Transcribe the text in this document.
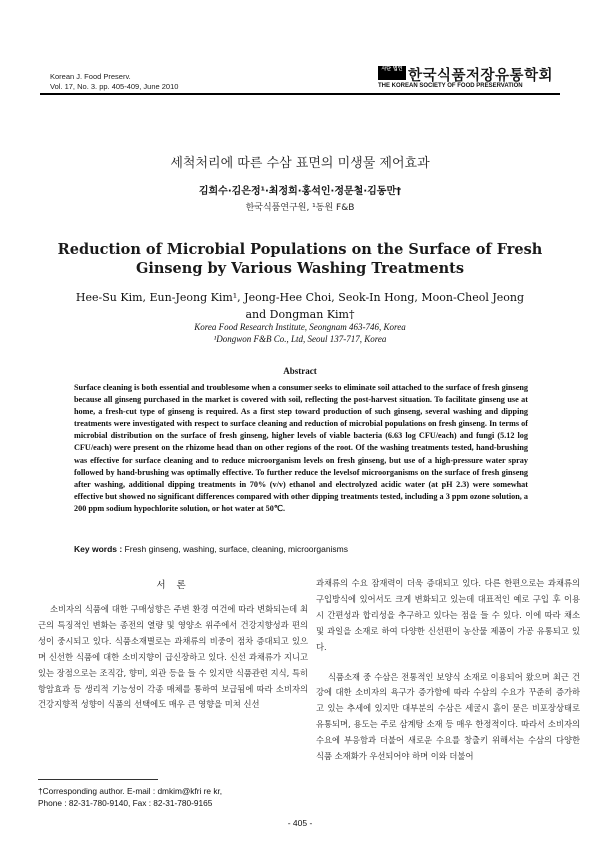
Korean J. Food Preserv.
Vol. 17, No. 3. pp. 405-409, June 2010
사단 법인 한국식품저장유통학회
THE KOREAN SOCIETY OF FOOD PRESERVATION
세척처리에 따른 수삼 표면의 미생물 제어효과
김희수·김은정¹·최정희·홍석인·정문철·김동만†
한국식품연구원, ¹동원 F&B
Reduction of Microbial Populations on the Surface of Fresh Ginseng by Various Washing Treatments
Hee-Su Kim, Eun-Jeong Kim¹, Jeong-Hee Choi, Seok-In Hong, Moon-Cheol Jeong
and Dongman Kim†
Korea Food Research Institute, Seongnam 463-746, Korea
¹Dongwon F&B Co., Ltd, Seoul 137-717, Korea
Abstract
Surface cleaning is both essential and troublesome when a consumer seeks to eliminate soil attached to the surface of fresh ginseng because all ginseng purchased in the market is covered with soil, reflecting the post-harvest situation. To facilitate ginseng use at home, a fresh-cut type of ginseng is required. As a first step toward production of such ginseng, several washing and dipping treatments were investigated with respect to surface cleaning and reduction of microbial populations on fresh ginseng. In terms of microbial distribution on the surface of fresh ginseng, higher levels of viable bacteria (6.63 log CFU/each) and fungi (5.12 log CFU/each) were present on the rhizome head than on other regions of the root. Of the washing treatments tested, hand-brushing was effective for surface cleaning and to reduce microorganism levels on fresh ginseng, but use of a high-pressure water spray followed by hand-brushing was optimally effective. To further reduce the levelsof microorganisms on the surface of fresh ginseng after washing, additional dipping treatments in 70% (v/v) ethanol and electrolyzed acidic water (at pH 2.3) were somewhat effective but showed no significant differences compared with other dipping treatments tested, including a 3 ppm ozone solution, a 200 ppm sodium hypochlorite solution, or hot water at 50℃.
Key words : Fresh ginseng, washing, surface, cleaning, microorganisms
서 론

소비자의 식품에 대한 구매성향은 주변 환경 여건에 따라 변화되는데 최근의 특징적인 변화는 종전의 열량 및 영양소 위주에서 건강지향성과 편의성이 중시되고 있다. 식품소재별로는 과채류의 비중이 점차 증대되고 있으며 신선한 식품에 대한 소비지향이 급신장하고 있다. 신선 과채류가 지니고 있는 장점으로는 조직감, 향미, 외관 등을 들 수 있지만 식품관련 지식, 특히 항암효과 등 생리적 기능성이 각종 매체를 통하여 보급됨에 따라 소비자의 건강지향적 성향이 식품의 선택에도 매우 큰 영향을 미쳐 신선

과채류의 수요 잠재력이 더욱 증대되고 있다. 다른 한편으로는 과채류의 구입방식에 있어서도 크게 변화되고 있는데 대표적인 예로 구입 후 이용 시 간편성과 합리성을 추구하고 있다는 점을 들 수 있다. 이에 따라 채소 및 과일을 소재로 하여 다양한 신선편이 농산물 제품이 가공 유통되고 있다.

식품소재 중 수삼은 전통적인 보양식 소재로 이용되어 왔으며 최근 건강에 대한 소비자의 욕구가 증가함에 따라 수삼의 수요가 꾸준히 증가하고 있는 추세에 있지만 대부분의 수삼은 세굴시 흙이 묻은 비포장상태로 유통되며, 용도는 주로 삼계탕 소재 등 매우 한정적이다. 따라서 소비자의 수요에 부응함과 더불어 새로운 수요를 창출키 위해서는 수삼의 다양한 식품 소재화가 우선되어야 하며 이와 더불어

†Corresponding author. E-mail : dmkim@kfri re kr,
Phone : 82-31-780-9140, Fax : 82-31-780-9165
- 405 -
